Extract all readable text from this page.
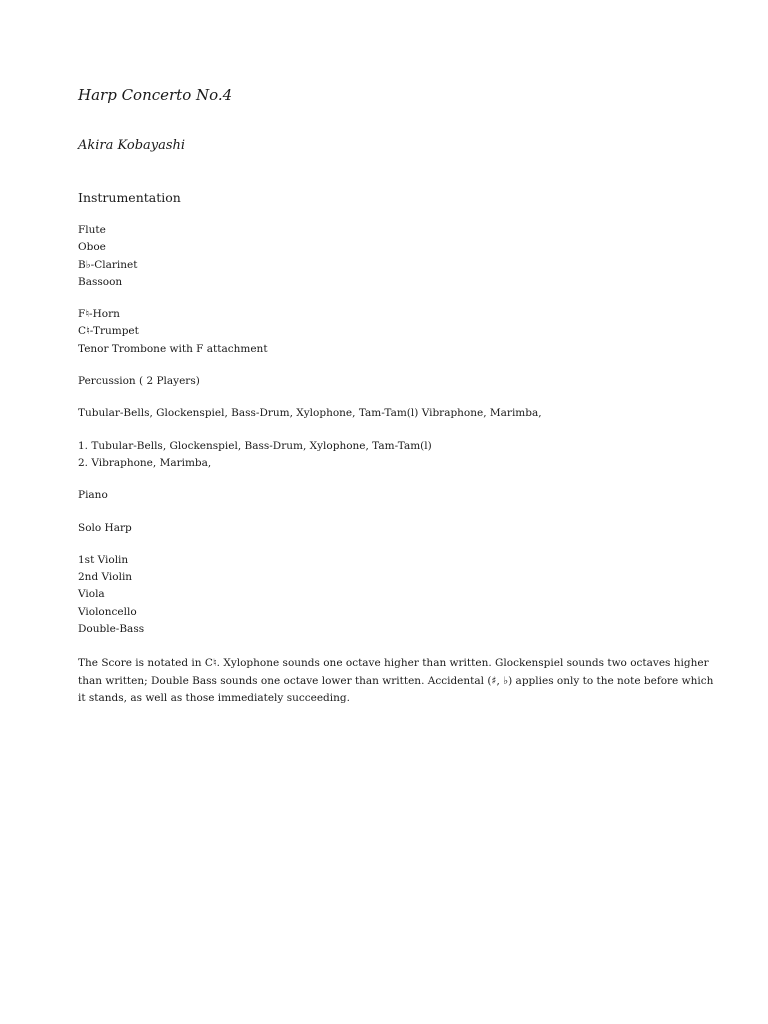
Harp Concerto No.4
Akira Kobayashi
Instrumentation
Flute
Oboe
B♭-Clarinet
Bassoon
F♮-Horn
C♮-Trumpet
Tenor Trombone with F attachment
Percussion ( 2 Players)
Tubular-Bells, Glockenspiel, Bass-Drum, Xylophone, Tam-Tam(l) Vibraphone, Marimba,
1. Tubular-Bells, Glockenspiel, Bass-Drum, Xylophone, Tam-Tam(l)
2. Vibraphone, Marimba,
Piano
Solo Harp
1st Violin
2nd Violin
Viola
Violoncello
Double-Bass
The Score is notated in C♮. Xylophone sounds one octave higher than written. Glockenspiel sounds two octaves higher
than written; Double Bass sounds one octave lower than written. Accidental (♯, ♭) applies only to the note before which
it stands, as well as those immediately succeeding.
